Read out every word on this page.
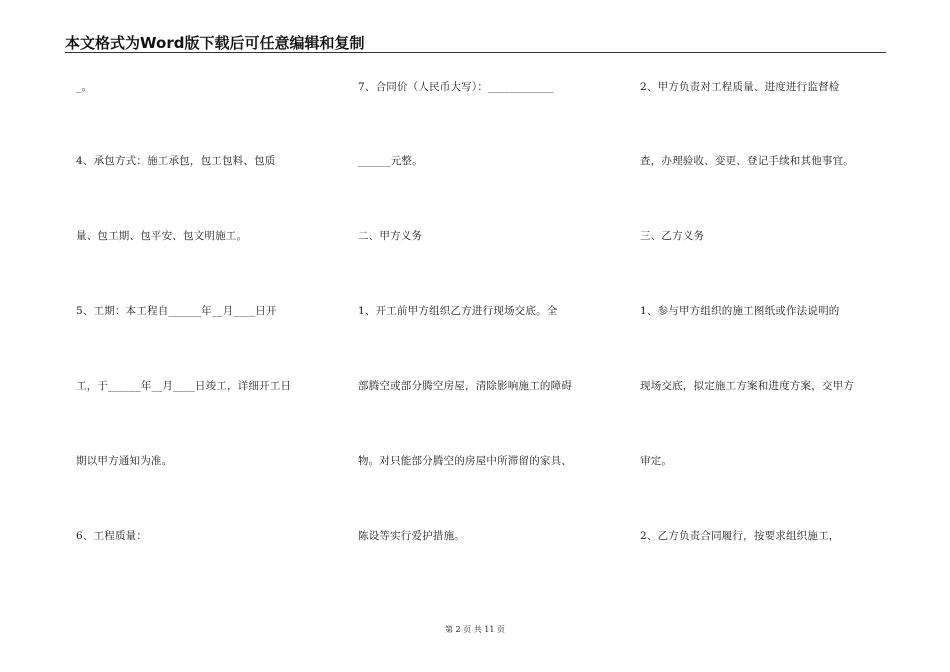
本文格式为Word版下载后可任意编辑和复制
_。
4、承包方式：施工承包，包工包料、包质
量、包工期、包平安、包文明施工。
5、工期：本工程自______年__月____日开
工，于______年__月____日竣工，详细开工日
期以甲方通知为准。
6、工程质量：
7、合同价（人民币大写）：____________
______元整。
二、甲方义务
1、开工前甲方组织乙方进行现场交底。全
部腾空或部分腾空房屋，清除影响施工的障碍
物。对只能部分腾空的房屋中所滞留的家具、
陈设等实行爱护措施。
2、甲方负责对工程质量、进度进行监督检
查，办理验收、变更、登记手续和其他事宜。
三、乙方义务
1、参与甲方组织的施工图纸或作法说明的
现场交底，拟定施工方案和进度方案，交甲方
审定。
2、乙方负责合同履行，按要求组织施工，
第 2 页 共 11 页
